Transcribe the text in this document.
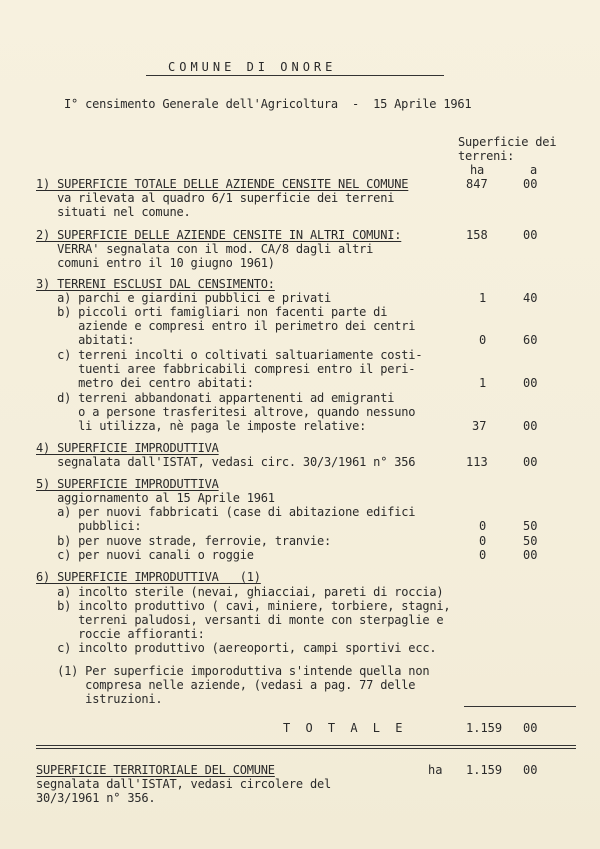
COMUNE DI ONORE
I° censimento Generale dell'Agricoltura  -  15 Aprile 1961
Superficie dei
terreni:
ha	a
1) SUPERFICIE TOTALE DELLE AZIENDE CENSITE NEL COMUNE
va rilevata al quadro 6/1 superficie dei terreni
situati nel comune.
847	00
2) SUPERFICIE DELLE AZIENDE CENSITE IN ALTRI COMUNI:
VERRA' segnalata con il mod. CA/8 dagli altri
comuni entro il 10 giugno 1961)
158	00
3) TERRENI ESCLUSI DAL CENSIMENTO:
a) parchi e giardini pubblici e privati	1	40
b) piccoli orti famigliari non facenti parte di
aziende e compresi entro il perimetro dei centri
abitati:	0	60
c) terreni incolti o coltivati saltuariamente costi-
tuenti aree fabbricabili compresi entro il peri-
metro dei centro abitati:	1	00
d) terreni abbandonati appartenenti ad emigranti
o a persone trasferitesi altrove, quando nessuno
li utilizza, nè paga le imposte relative:	37	00
4) SUPERFICIE IMPRODUTTIVA
segnalata dall'ISTAT, vedasi circ. 30/3/1961 n° 356	113	00
5) SUPERFICIE IMPRODUTTIVA
aggiornamento al 15 Aprile 1961
a) per nuovi fabbricati (case di abitazione edifici
pubblici:	0	50
b) per nuove strade, ferrovie, tranvie:	0	50
c) per nuovi canali o roggie	0	00
6) SUPERFICIE IMPRODUTTIVA   (1)
a) incolto sterile (nevai, ghiacciai, pareti di roccia)
b) incolto produttivo ( cavi, miniere, torbiere, stagni,
terreni paludosi, versanti di monte con sterpaglie e
roccie affioranti:
c) incolto produttivo (aereoporti, campi sportivi ecc.
(1) Per superficie imporoduttiva s'intende quella non
compresa nelle aziende, (vedasi a pag. 77 delle
istruzioni.
T O T A L E	1.159 00
SUPERFICIE TERRITORIALE DEL COMUNE
segnalata dall'ISTAT, vedasi circolere del
30/3/1961 n° 356.
ha 1.159 00
